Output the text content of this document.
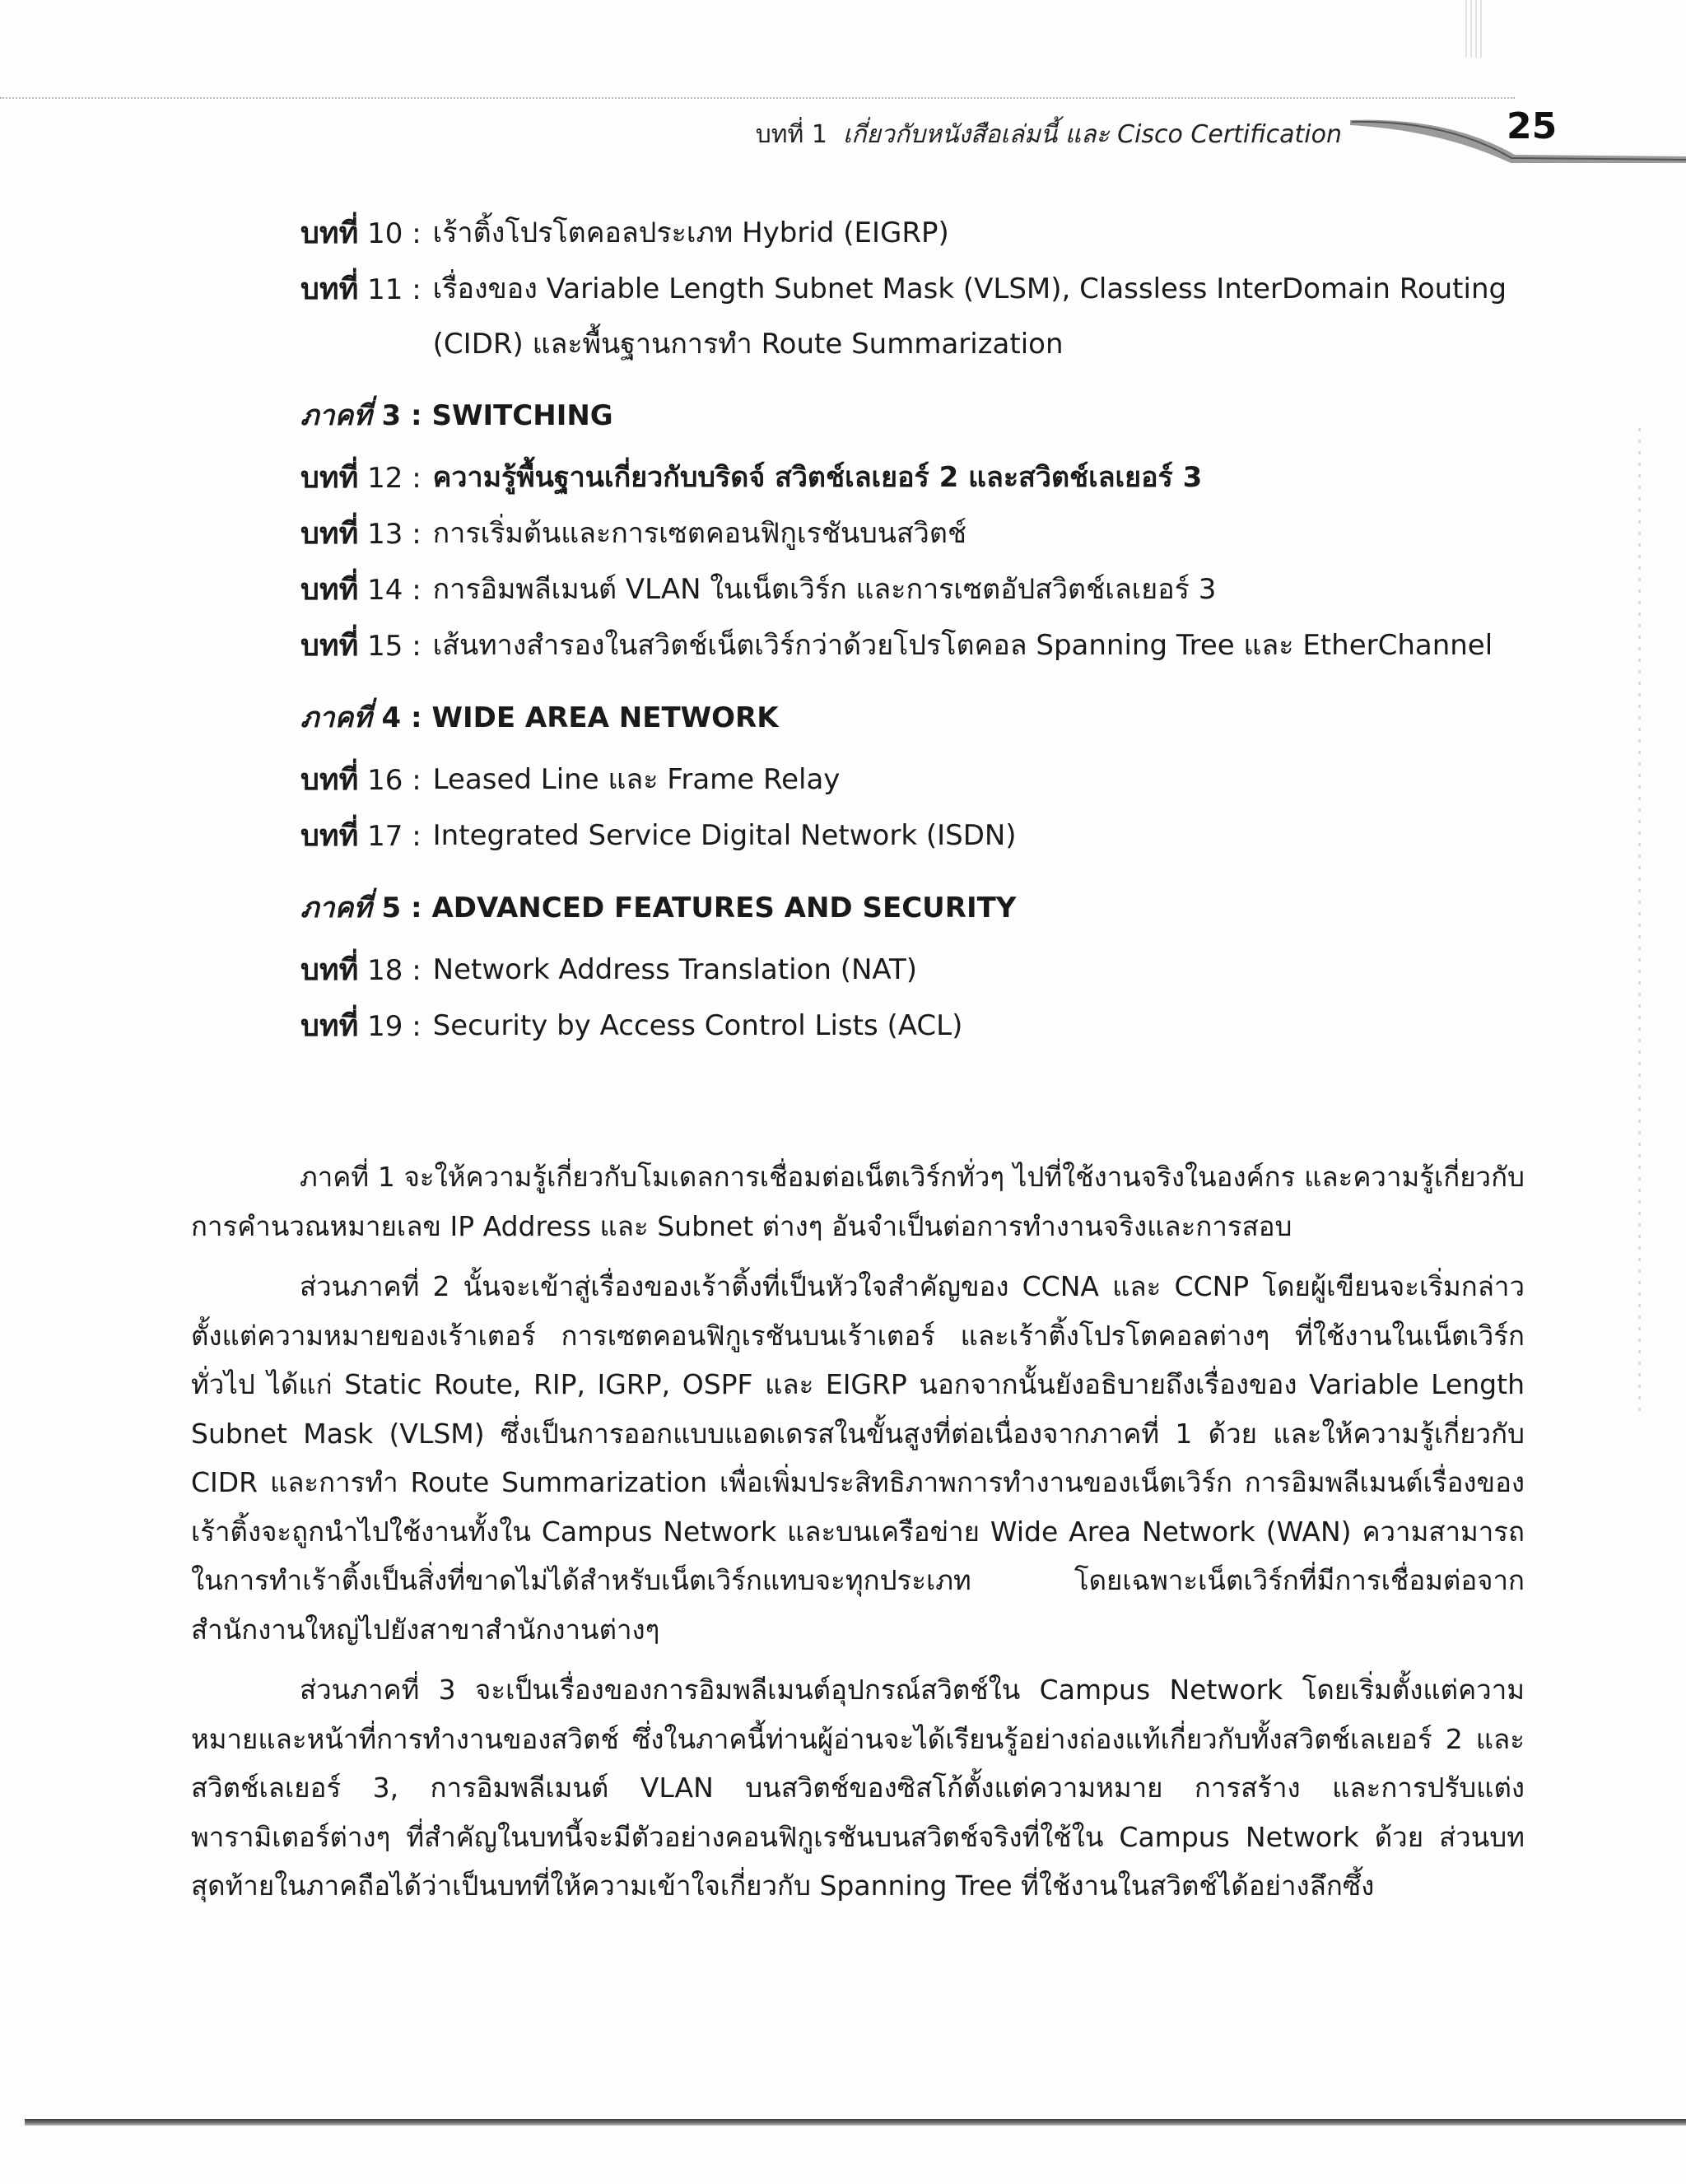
บทที่ 1 เกี่ยวกับหนังสือเล่มนี้ และ Cisco Certification	25
บทที่ 10 : เร้าติ้งโปรโตคอลประเภท Hybrid (EIGRP)
บทที่ 11 : เรื่องของ Variable Length Subnet Mask (VLSM), Classless InterDomain Routing (CIDR) และพื้นฐานการทำ Route Summarization
ภาคที่ 3 : SWITCHING
บทที่ 12 : ความรู้พื้นฐานเกี่ยวกับบริดจ์ สวิตช์เลเยอร์ 2 และสวิตช์เลเยอร์ 3
บทที่ 13 : การเริ่มต้นและการเซตคอนฟิกูเรชันบนสวิตช์
บทที่ 14 : การอิมพลีเมนต์ VLAN ในเน็ตเวิร์ก และการเซตอัปสวิตช์เลเยอร์ 3
บทที่ 15 : เส้นทางสำรองในสวิตช์เน็ตเวิร์กว่าด้วยโปรโตคอล Spanning Tree และ EtherChannel
ภาคที่ 4 : WIDE AREA NETWORK
บทที่ 16 : Leased Line และ Frame Relay
บทที่ 17 : Integrated Service Digital Network (ISDN)
ภาคที่ 5 : ADVANCED FEATURES AND SECURITY
บทที่ 18 : Network Address Translation (NAT)
บทที่ 19 : Security by Access Control Lists (ACL)

ภาคที่ 1 จะให้ความรู้เกี่ยวกับโมเดลการเชื่อมต่อเน็ตเวิร์กทั่วๆ ไปที่ใช้งานจริงในองค์กร และความรู้เกี่ยวกับการคำนวณหมายเลข IP Address และ Subnet ต่างๆ อันจำเป็นต่อการทำงานจริงและการสอบ

ส่วนภาคที่ 2 นั้นจะเข้าสู่เรื่องของเร้าติ้งที่เป็นหัวใจสำคัญของ CCNA และ CCNP โดยผู้เขียนจะเริ่มกล่าวตั้งแต่ความหมายของเร้าเตอร์ การเซตคอนฟิกูเรชันบนเร้าเตอร์ และเร้าติ้งโปรโตคอลต่างๆ ที่ใช้งานในเน็ตเวิร์กทั่วไป ได้แก่ Static Route, RIP, IGRP, OSPF และ EIGRP นอกจากนั้นยังอธิบายถึงเรื่องของ Variable Length Subnet Mask (VLSM) ซึ่งเป็นการออกแบบแอดเดรสในขั้นสูงที่ต่อเนื่องจากภาคที่ 1 ด้วย และให้ความรู้เกี่ยวกับ CIDR และการทำ Route Summarization เพื่อเพิ่มประสิทธิภาพการทำงานของเน็ตเวิร์ก การอิมพลีเมนต์เรื่องของเร้าติ้งจะถูกนำไปใช้งานทั้งใน Campus Network และบนเครือข่าย Wide Area Network (WAN) ความสามารถในการทำเร้าติ้งเป็นสิ่งที่ขาดไม่ได้สำหรับเน็ตเวิร์กแทบจะทุกประเภท โดยเฉพาะเน็ตเวิร์กที่มีการเชื่อมต่อจากสำนักงานใหญ่ไปยังสาขาสำนักงานต่างๆ

ส่วนภาคที่ 3 จะเป็นเรื่องของการอิมพลีเมนต์อุปกรณ์สวิตช์ใน Campus Network โดยเริ่มตั้งแต่ความหมายและหน้าที่การทำงานของสวิตช์ ซึ่งในภาคนี้ท่านผู้อ่านจะได้เรียนรู้อย่างถ่องแท้เกี่ยวกับทั้งสวิตช์เลเยอร์ 2 และสวิตช์เลเยอร์ 3, การอิมพลีเมนต์ VLAN บนสวิตช์ของซิสโก้ตั้งแต่ความหมาย การสร้าง และการปรับแต่งพารามิเตอร์ต่างๆ ที่สำคัญในบทนี้จะมีตัวอย่างคอนฟิกูเรชันบนสวิตช์จริงที่ใช้ใน Campus Network ด้วย ส่วนบทสุดท้ายในภาคถือได้ว่าเป็นบทที่ให้ความเข้าใจเกี่ยวกับ Spanning Tree ที่ใช้งานในสวิตช์ได้อย่างลึกซึ้ง
